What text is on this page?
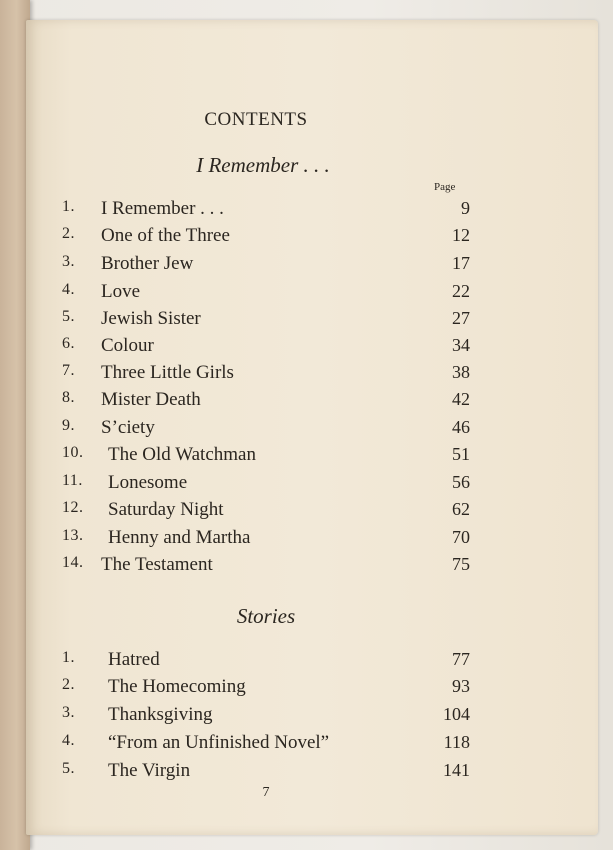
CONTENTS
I Remember . . .
Page
1.	I Remember . . .	9
2.	One of the Three	12
3.	Brother Jew	17
4.	Love	22
5.	Jewish Sister	27
6.	Colour	34
7.	Three Little Girls	38
8.	Mister Death	42
9.	S’ciety	46
10.	The Old Watchman	51
11.	Lonesome	56
12.	Saturday Night	62
13.	Henny and Martha	70
14. The Testament	75
Stories
1.	Hatred	77
2.	The Homecoming	93
3.	Thanksgiving	104
4.	“From an Unfinished Novel”	118
5.	The Virgin	141
7
